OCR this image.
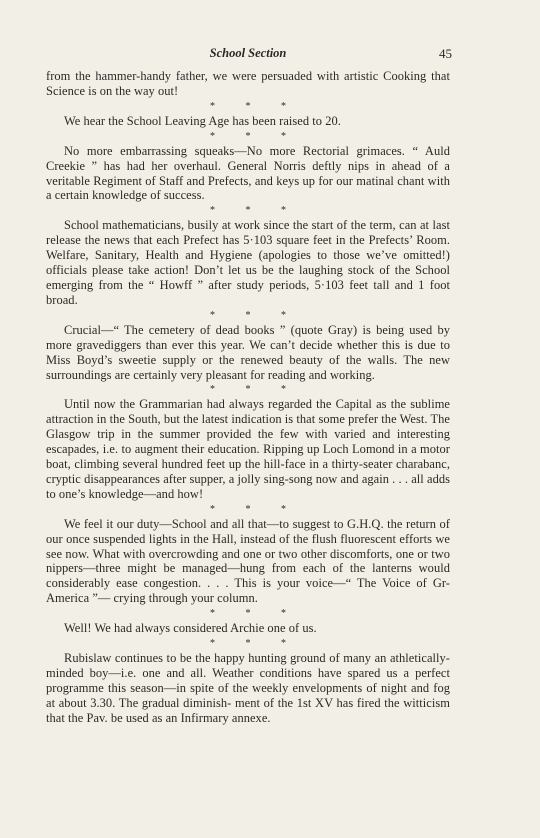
School Section	45

from the hammer-handy father, we were persuaded with artistic Cooking that Science is on the way out!

* * *

We hear the School Leaving Age has been raised to 20.

* * *

No more embarrassing squeaks—No more Rectorial grimaces. “ Auld Creekie ” has had her overhaul. General Norris deftly nips in ahead of a veritable Regiment of Staff and Prefects, and keys up for our matinal chant with a certain knowledge of success.

* * *

School mathematicians, busily at work since the start of the term, can at last release the news that each Prefect has 5·103 square feet in the Prefects’ Room. Welfare, Sanitary, Health and Hygiene (apologies to those we’ve omitted!) officials please take action! Don’t let us be the laughing stock of the School emerging from the “ Howff ” after study periods, 5·103 feet tall and 1 foot broad.

* * *

Crucial—“ The cemetery of dead books ” (quote Gray) is being used by more gravediggers than ever this year. We can’t decide whether this is due to Miss Boyd’s sweetie supply or the renewed beauty of the walls. The new surroundings are certainly very pleasant for reading and working.

* * *

Until now the Grammarian had always regarded the Capital as the sublime attraction in the South, but the latest indication is that some prefer the West. The Glasgow trip in the summer provided the few with varied and interesting escapades, i.e. to augment their education. Ripping up Loch Lomond in a motor boat, climbing several hundred feet up the hill-face in a thirty-seater charabanc, cryptic disappearances after supper, a jolly sing-song now and again . . . all adds to one’s knowledge—and how!

* * *

We feel it our duty—School and all that—to suggest to G.H.Q. the return of our once suspended lights in the Hall, instead of the flush fluorescent efforts we see now. What with overcrowding and one or two other discomforts, one or two nippers—three might be managed—hung from each of the lanterns would considerably ease congestion. . . . This is your voice—“ The Voice of Gr-America ”— crying through your column.

* * *

Well! We had always considered Archie one of us.

* * *

Rubislaw continues to be the happy hunting ground of many an athletically-minded boy—i.e. one and all. Weather conditions have spared us a perfect programme this season—in spite of the weekly envelopments of night and fog at about 3.30. The gradual diminish- ment of the 1st XV has fired the witticism that the Pav. be used as an Infirmary annexe.
